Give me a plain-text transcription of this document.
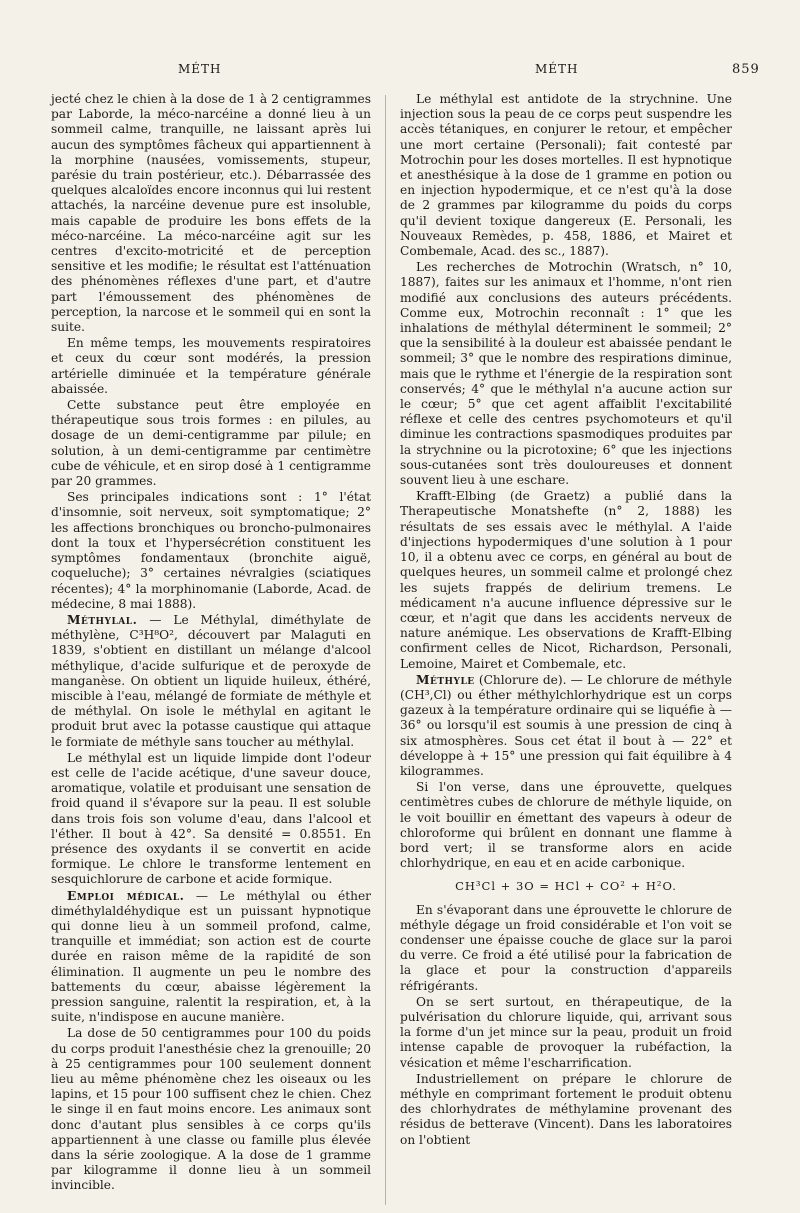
MÉTH	MÉTH	859

jecté chez le chien à la dose de 1 à 2 centigrammes par Laborde, la méco-narcéine a donné lieu à un sommeil calme, tranquille, ne laissant après lui aucun des symptômes fâcheux qui appartiennent à la morphine (nausées, vomissements, stupeur, parésie du train postérieur, etc.). Débarrassée des quelques alcaloïdes encore inconnus qui lui restent attachés, la narcéine devenue pure est insoluble, mais capable de produire les bons effets de la méco-narcéine. La méco-narcéine agit sur les centres d'excito-motricité et de perception sensitive et les modifie; le résultat est l'atténuation des phénomènes réflexes d'une part, et d'autre part l'émoussement des phénomènes de perception, la narcose et le sommeil qui en sont la suite.

En même temps, les mouvements respiratoires et ceux du cœur sont modérés, la pression artérielle diminuée et la température générale abaissée.

Cette substance peut être employée en thérapeutique sous trois formes : en pilules, au dosage de un demi-centigramme par pilule; en solution, à un demi-centigramme par centimètre cube de véhicule, et en sirop dosé à 1 centigramme par 20 grammes.

Ses principales indications sont : 1° l'état d'insomnie, soit nerveux, soit symptomatique; 2° les affections bronchiques ou broncho-pulmonaires dont la toux et l'hypersécrétion constituent les symptômes fondamentaux (bronchite aiguë, coqueluche); 3° certaines névralgies (sciatiques récentes); 4° la morphinomanie (Laborde, Acad. de médecine, 8 mai 1888).

Méthylal. — Le Méthylal, diméthylate de méthylène, C³H⁸O², découvert par Malaguti en 1839, s'obtient en distillant un mélange d'alcool méthylique, d'acide sulfurique et de peroxyde de manganèse. On obtient un liquide huileux, éthéré, miscible à l'eau, mélangé de formiate de méthyle et de méthylal. On isole le méthylal en agitant le produit brut avec la potasse caustique qui attaque le formiate de méthyle sans toucher au méthylal.

Le méthylal est un liquide limpide dont l'odeur est celle de l'acide acétique, d'une saveur douce, aromatique, volatile et produisant une sensation de froid quand il s'évapore sur la peau. Il est soluble dans trois fois son volume d'eau, dans l'alcool et l'éther. Il bout à 42°. Sa densité = 0.8551. En présence des oxydants il se convertit en acide formique. Le chlore le transforme lentement en sesquichlorure de carbone et acide formique.

Emploi médical. — Le méthylal ou éther diméthylaldéhydique est un puissant hypnotique qui donne lieu à un sommeil profond, calme, tranquille et immédiat; son action est de courte durée en raison même de la rapidité de son élimination. Il augmente un peu le nombre des battements du cœur, abaisse légèrement la pression sanguine, ralentit la respiration, et, à la suite, n'indispose en aucune manière.

La dose de 50 centigrammes pour 100 du poids du corps produit l'anesthésie chez la grenouille; 20 à 25 centigrammes pour 100 seulement donnent lieu au même phénomène chez les oiseaux ou les lapins, et 15 pour 100 suffisent chez le chien. Chez le singe il en faut moins encore. Les animaux sont donc d'autant plus sensibles à ce corps qu'ils appartiennent à une classe ou famille plus élevée dans la série zoologique. A la dose de 1 gramme par kilogramme il donne lieu à un sommeil invincible.

Le méthylal est antidote de la strychnine. Une injection sous la peau de ce corps peut suspendre les accès tétaniques, en conjurer le retour, et empêcher une mort certaine (Personali); fait contesté par Motrochin pour les doses mortelles. Il est hypnotique et anesthésique à la dose de 1 gramme en potion ou en injection hypodermique, et ce n'est qu'à la dose de 2 grammes par kilogramme du poids du corps qu'il devient toxique dangereux (E. Personali, les Nouveaux Remèdes, p. 458, 1886, et Mairet et Combemale, Acad. des sc., 1887).

Les recherches de Motrochin (Wratsch, n° 10, 1887), faites sur les animaux et l'homme, n'ont rien modifié aux conclusions des auteurs précédents. Comme eux, Motrochin reconnaît : 1° que les inhalations de méthylal déterminent le sommeil; 2° que la sensibilité à la douleur est abaissée pendant le sommeil; 3° que le nombre des respirations diminue, mais que le rythme et l'énergie de la respiration sont conservés; 4° que le méthylal n'a aucune action sur le cœur; 5° que cet agent affaiblit l'excitabilité réflexe et celle des centres psychomoteurs et qu'il diminue les contractions spasmodiques produites par la strychnine ou la picrotoxine; 6° que les injections sous-cutanées sont très douloureuses et donnent souvent lieu à une eschare.

Krafft-Elbing (de Graetz) a publié dans la Therapeutische Monatshefte (n° 2, 1888) les résultats de ses essais avec le méthylal. A l'aide d'injections hypodermiques d'une solution à 1 pour 10, il a obtenu avec ce corps, en général au bout de quelques heures, un sommeil calme et prolongé chez les sujets frappés de delirium tremens. Le médicament n'a aucune influence dépressive sur le cœur, et n'agit que dans les accidents nerveux de nature anémique. Les observations de Krafft-Elbing confirment celles de Nicot, Richardson, Personali, Lemoine, Mairet et Combemale, etc.

Méthyle (Chlorure de). — Le chlorure de méthyle (CH³,Cl) ou éther méthylchlorhydrique est un corps gazeux à la température ordinaire qui se liquéfie à — 36° ou lorsqu'il est soumis à une pression de cinq à six atmosphères. Sous cet état il bout à — 22° et développe à + 15° une pression qui fait équilibre à 4 kilogrammes.

Si l'on verse, dans une éprouvette, quelques centimètres cubes de chlorure de méthyle liquide, on le voit bouillir en émettant des vapeurs à odeur de chloroforme qui brûlent en donnant une flamme à bord vert; il se transforme alors en acide chlorhydrique, en eau et en acide carbonique.

CH³Cl + 3O = HCl + CO² + H²O.

En s'évaporant dans une éprouvette le chlorure de méthyle dégage un froid considérable et l'on voit se condenser une épaisse couche de glace sur la paroi du verre. Ce froid a été utilisé pour la fabrication de la glace et pour la construction d'appareils réfrigérants.

On se sert surtout, en thérapeutique, de la pulvérisation du chlorure liquide, qui, arrivant sous la forme d'un jet mince sur la peau, produit un froid intense capable de provoquer la rubéfaction, la vésication et même l'escharrification.

Industriellement on prépare le chlorure de méthyle en comprimant fortement le produit obtenu des chlorhydrates de méthylamine provenant des résidus de betterave (Vincent). Dans les laboratoires on l'obtient
